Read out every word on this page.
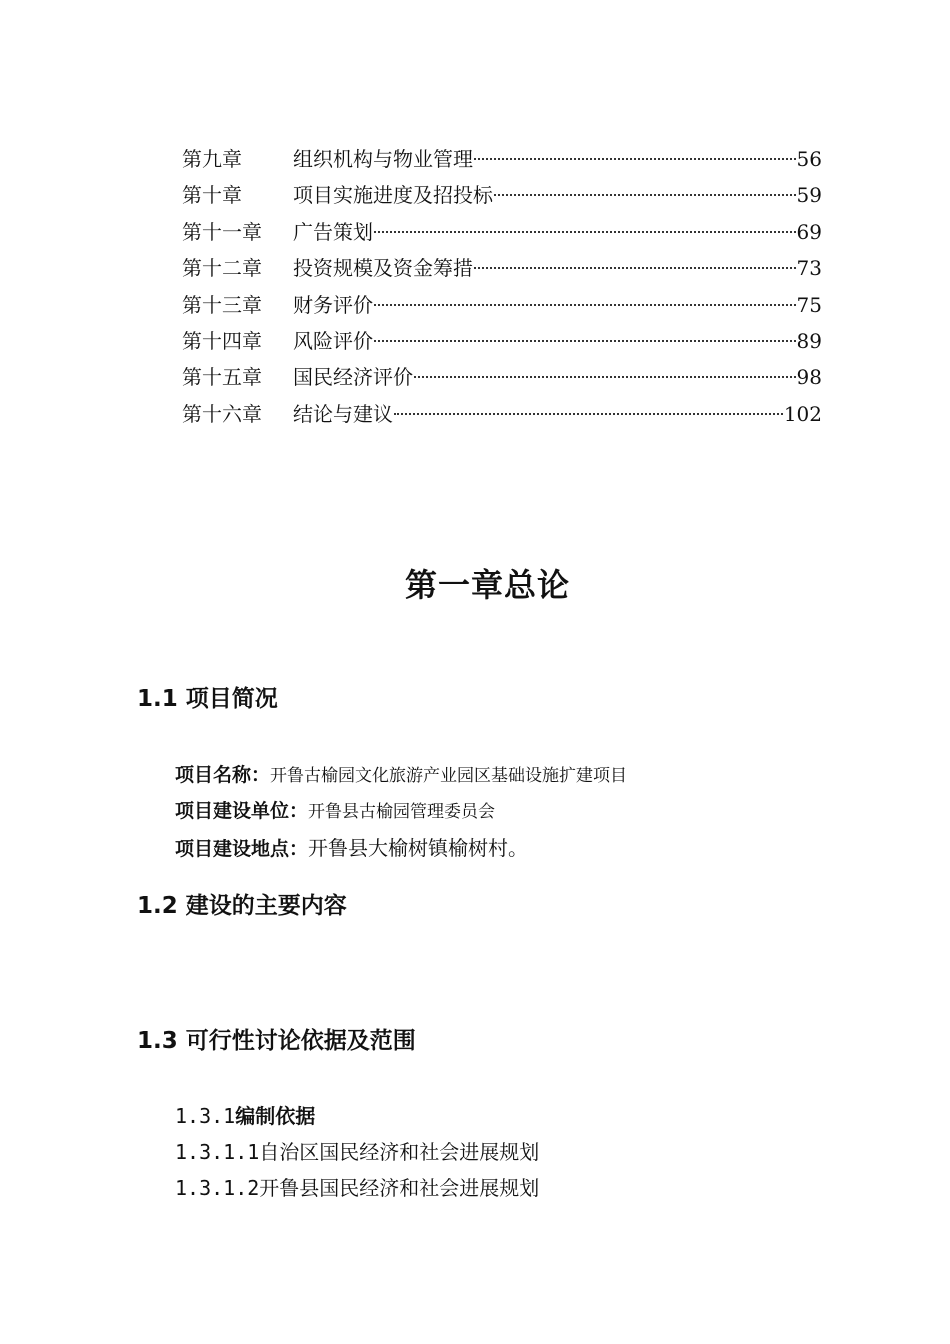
第九章	组织机构与物业管理	56
第十章	项目实施进度及招投标	59
第十一章	广告策划	69
第十二章	投资规模及资金筹措	73
第十三章	财务评价	75
第十四章	风险评价	89
第十五章	国民经济评价	98
第十六章	结论与建议	102
第一章总论
1.1 项目简况
项目名称：开鲁古榆园文化旅游产业园区基础设施扩建项目
项目建设单位：开鲁县古榆园管理委员会
项目建设地点：开鲁县大榆树镇榆树村。
1.2 建设的主要内容
1.3 可行性讨论依据及范围
1.3.1编制依据
1.3.1.1自治区国民经济和社会进展规划
1.3.1.2开鲁县国民经济和社会进展规划
